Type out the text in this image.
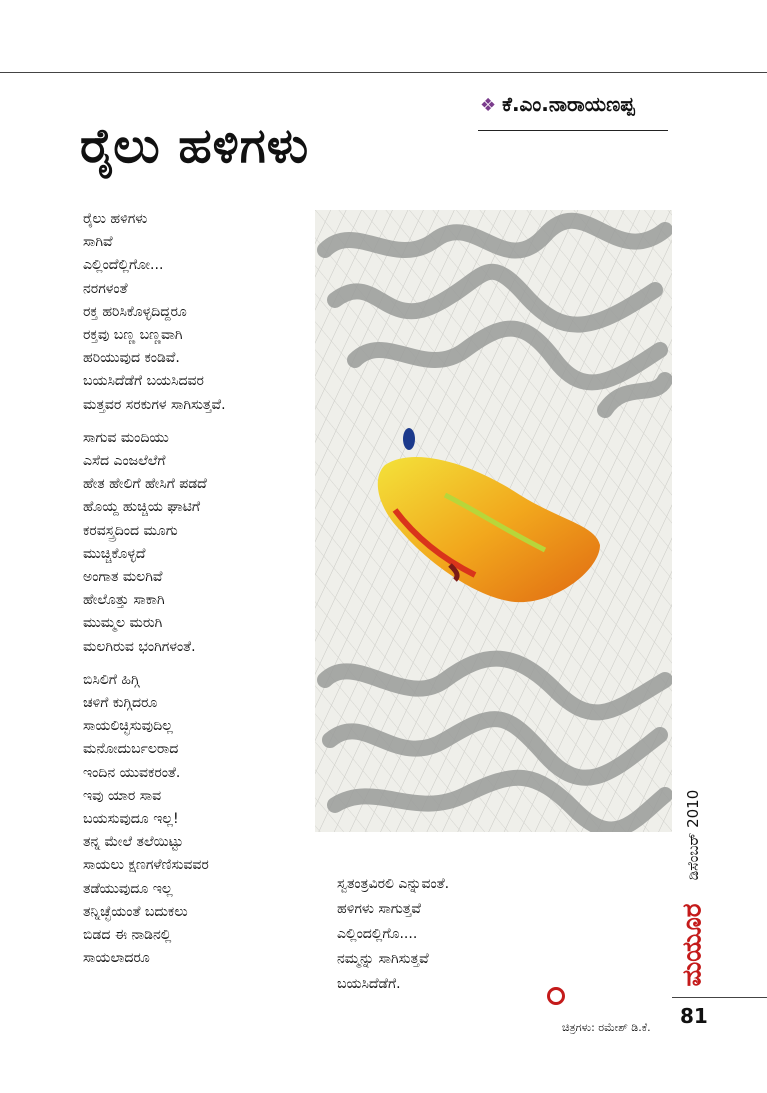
❖ ಕೆ.ಎಂ.ನಾರಾಯಣಪ್ಪ
ರೈಲು ಹಳಿಗಳು
ರೈಲು ಹಳಿಗಳು
ಸಾಗಿವೆ
ಎಲ್ಲಿಂದೆಲ್ಲಿಗೋ...
ನರಗಳಂತೆ
ರಕ್ತ ಹರಿಸಿಕೊಳ್ಳದಿದ್ದರೂ
ರಕ್ತವು ಬಣ್ಣ ಬಣ್ಣವಾಗಿ
ಹರಿಯುವುದ ಕಂಡಿವೆ.
ಬಯಸಿದೆಡೆಗೆ ಬಯಸಿದವರ
ಮತ್ತವರ ಸರಕುಗಳ ಸಾಗಿಸುತ್ತವೆ.
ಸಾಗುವ ಮಂದಿಯು
ಎಸೆದ ಎಂಜಲೆಲೆಗೆ
ಹೇತ ಹೇಲಿಗೆ ಹೇಸಿಗೆ ಪಡದೆ
ಹೊಯ್ದ ಹುಚ್ಚಿಯ ಘಾಟಿಗೆ
ಕರವಸ್ತ್ರದಿಂದ ಮೂಗು
ಮುಚ್ಚಿಕೊಳ್ಳದೆ
ಅಂಗಾತ ಮಲಗಿವೆ
ಹೇಲೊತ್ತು ಸಾಕಾಗಿ
ಮುಮ್ಮಲ ಮರುಗಿ
ಮಲಗಿರುವ ಭಂಗಿಗಳಂತೆ.
ಬಿಸಿಲಿಗೆ ಹಿಗ್ಗಿ
ಚಳಿಗೆ ಕುಗ್ಗಿದರೂ
ಸಾಯಲಿಚ್ಛಿಸುವುದಿಲ್ಲ
ಮನೋದುರ್ಬಲರಾದ
ಇಂದಿನ ಯುವಕರಂತೆ.
ಇವು ಯಾರ ಸಾವ
ಬಯಸುವುದೂ ಇಲ್ಲ!
ತನ್ನ ಮೇಲೆ ತಲೆಯಿಟ್ಟು
ಸಾಯಲು ಕ್ಷಣಗಳೆಣಿಸುವವರ
ತಡೆಯುವುದೂ ಇಲ್ಲ
ತನ್ನಿಚ್ಛೆಯಂತೆ ಬದುಕಲು
ಬಿಡದ ಈ ನಾಡಿನಲ್ಲಿ
ಸಾಯಲಾದರೂ
ಸ್ವತಂತ್ರವಿರಲಿ ಎನ್ನುವಂತೆ.
ಹಳಿಗಳು ಸಾಗುತ್ತವೆ
ಎಲ್ಲಿಂದಲ್ಲಿಗೊ....
ನಮ್ಮನ್ನು ಸಾಗಿಸುತ್ತವೆ
ಬಯಸಿದೆಡೆಗೆ.
ಡಿಸೆಂಬರ್ 2010
ಮಯೂರ
81
ಚಿತ್ರಗಳು: ರಮೇಶ್ ಡಿ.ಕೆ.
